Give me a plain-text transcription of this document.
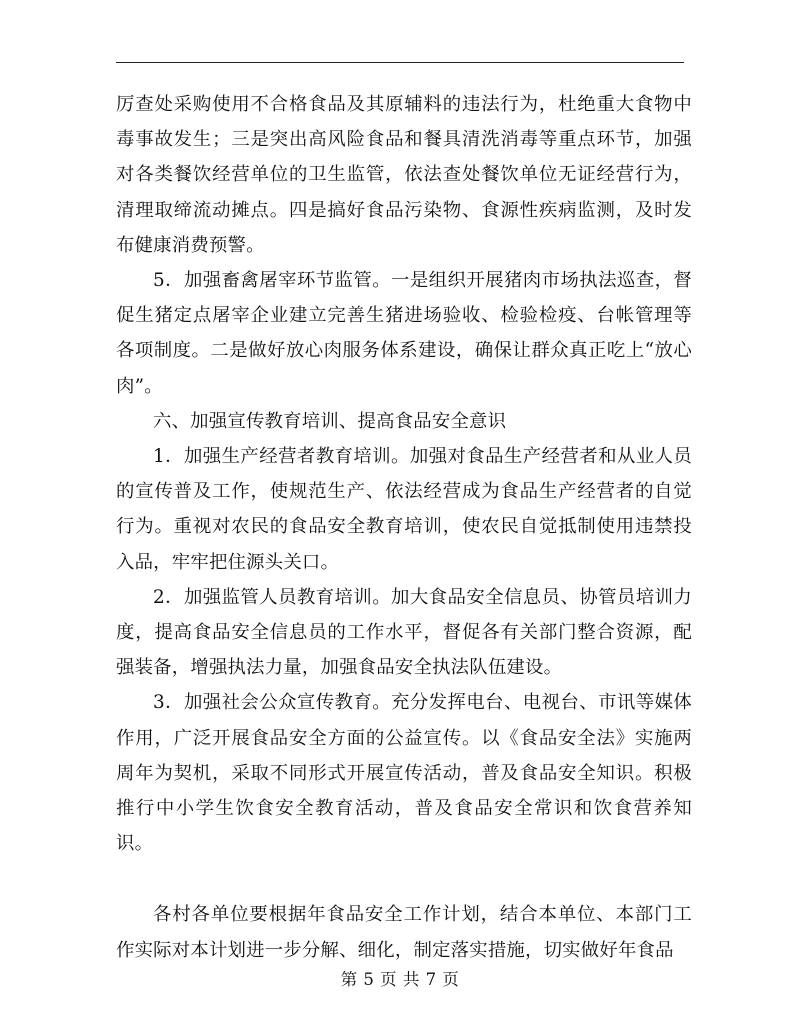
厉查处采购使用不合格食品及其原辅料的违法行为，杜绝重大食物中毒事故发生；三是突出高风险食品和餐具清洗消毒等重点环节，加强对各类餐饮经营单位的卫生监管，依法查处餐饮单位无证经营行为，清理取缔流动摊点。四是搞好食品污染物、食源性疾病监测，及时发布健康消费预警。

5．加强畜禽屠宰环节监管。一是组织开展猪肉市场执法巡查，督促生猪定点屠宰企业建立完善生猪进场验收、检验检疫、台帐管理等各项制度。二是做好放心肉服务体系建设，确保让群众真正吃上“放心肉”。

六、加强宣传教育培训、提高食品安全意识

1．加强生产经营者教育培训。加强对食品生产经营者和从业人员的宣传普及工作，使规范生产、依法经营成为食品生产经营者的自觉行为。重视对农民的食品安全教育培训，使农民自觉抵制使用违禁投入品，牢牢把住源头关口。

2．加强监管人员教育培训。加大食品安全信息员、协管员培训力度，提高食品安全信息员的工作水平，督促各有关部门整合资源，配强装备，增强执法力量，加强食品安全执法队伍建设。

3．加强社会公众宣传教育。充分发挥电台、电视台、市讯等媒体作用，广泛开展食品安全方面的公益宣传。以《食品安全法》实施两周年为契机，采取不同形式开展宣传活动，普及食品安全知识。积极推行中小学生饮食安全教育活动，普及食品安全常识和饮食营养知识。

各村各单位要根据年食品安全工作计划，结合本单位、本部门工作实际对本计划进一步分解、细化，制定落实措施，切实做好年食品

第 5 页 共 7 页
